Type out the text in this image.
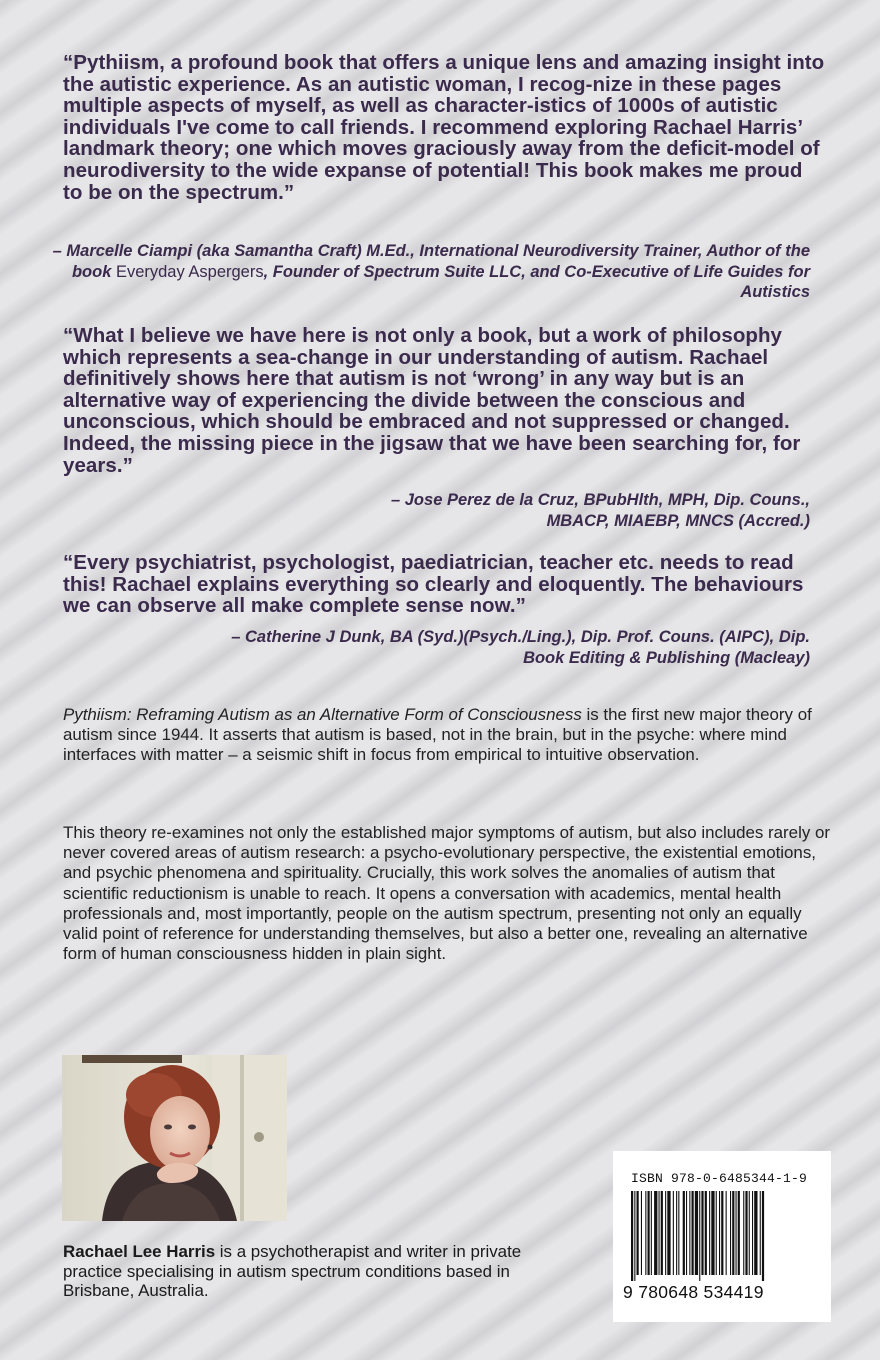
“Pythiism, a profound book that offers a unique lens and amazing insight into the autistic experience. As an autistic woman, I recog-nize in these pages multiple aspects of myself, as well as character-istics of 1000s of autistic individuals I've come to call friends. I recommend exploring Rachael Harris’ landmark theory; one which moves graciously away from the deficit-model of neurodiversity to the wide expanse of potential! This book makes me proud to be on the spectrum.”
– Marcelle Ciampi (aka Samantha Craft) M.Ed., International Neurodiversity Trainer, Author of the book Everyday Aspergers, Founder of Spectrum Suite LLC, and Co-Executive of Life Guides for Autistics
“What I believe we have here is not only a book, but a work of philosophy which represents a sea-change in our understanding of autism. Rachael definitively shows here that autism is not ‘wrong’ in any way but is an alternative way of experiencing the divide between the conscious and unconscious, which should be embraced and not suppressed or changed. Indeed, the missing piece in the jigsaw that we have been searching for, for years.”
– Jose Perez de la Cruz, BPubHlth, MPH, Dip. Couns.,
MBACP, MIAEBP, MNCS (Accred.)
“Every psychiatrist, psychologist, paediatrician, teacher etc. needs to read this! Rachael explains everything so clearly and eloquently. The behaviours we can observe all make complete sense now.”
– Catherine J Dunk, BA (Syd.)(Psych./Ling.), Dip. Prof. Couns. (AIPC), Dip.
Book Editing & Publishing (Macleay)
Pythiism: Reframing Autism as an Alternative Form of Consciousness is the first new major theory of autism since 1944. It asserts that autism is based, not in the brain, but in the psyche: where mind interfaces with matter – a seismic shift in focus from empirical to intuitive observation.
This theory re-examines not only the established major symptoms of autism, but also includes rarely or never covered areas of autism research: a psycho-evolutionary perspective, the existential emotions, and psychic phenomena and spirituality. Crucially, this work solves the anomalies of autism that scientific reductionism is unable to reach. It opens a conversation with academics, mental health professionals and, most importantly, people on the autism spectrum, presenting not only an equally valid point of reference for understanding themselves, but also a better one, revealing an alternative form of human consciousness hidden in plain sight.
Rachael Lee Harris is a psychotherapist and writer in private practice specialising in autism spectrum conditions based in Brisbane, Australia.
ISBN 978-0-6485344-1-9
9 780648 534419
